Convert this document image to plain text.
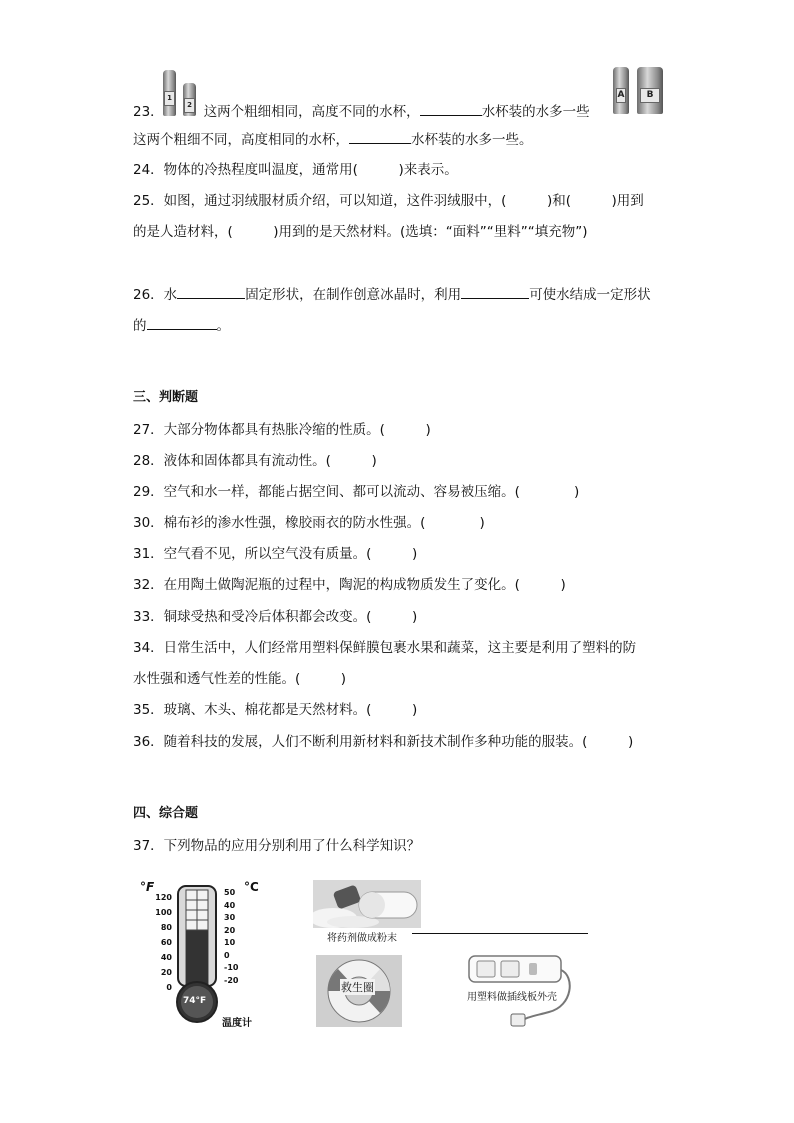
1
2
23．	这两个粗细相同，高度不同的水杯，	水杯装的水多一些
A	B
这两个粗细不同，高度相同的水杯，	水杯装的水多一些。
24．物体的冷热程度叫温度，通常用(　　　)来表示。
25．如图，通过羽绒服材质介绍，可以知道，这件羽绒服中，(　　　)和(　　　)用到
的是人造材料，(　　　)用到的是天然材料。(选填：“面料”“里料”“填充物”)
26．水	固定形状，在制作创意冰晶时，利用	可使水结成一定形状
的	。
三、判断题
27．大部分物体都具有热胀冷缩的性质。(　　　)
28．液体和固体都具有流动性。(　　　)
29．空气和水一样，都能占据空间、都可以流动、容易被压缩。(　　　　)
30．棉布衫的渗水性强，橡胶雨衣的防水性强。(　　　　)
31．空气看不见，所以空气没有质量。(　　　)
32．在用陶土做陶泥瓶的过程中，陶泥的构成物质发生了变化。(　　　)
33．铜球受热和受冷后体积都会改变。(　　　)
34．日常生活中，人们经常用塑料保鲜膜包裹水果和蔬菜，这主要是利用了塑料的防
水性强和透气性差的性能。(　　　)
35．玻璃、木头、棉花都是天然材料。(　　　)
36．随着科技的发展，人们不断利用新材料和新技术制作多种功能的服装。(　　　)
四、综合题
37．下列物品的应用分别利用了什么科学知识？
°F	°C
120
100
80
60
40
20
0
50
40
30
20
10
0
-10
-20
74°F
温度计
将药剂做成粉末
救生圈
用塑料做插线板外壳
